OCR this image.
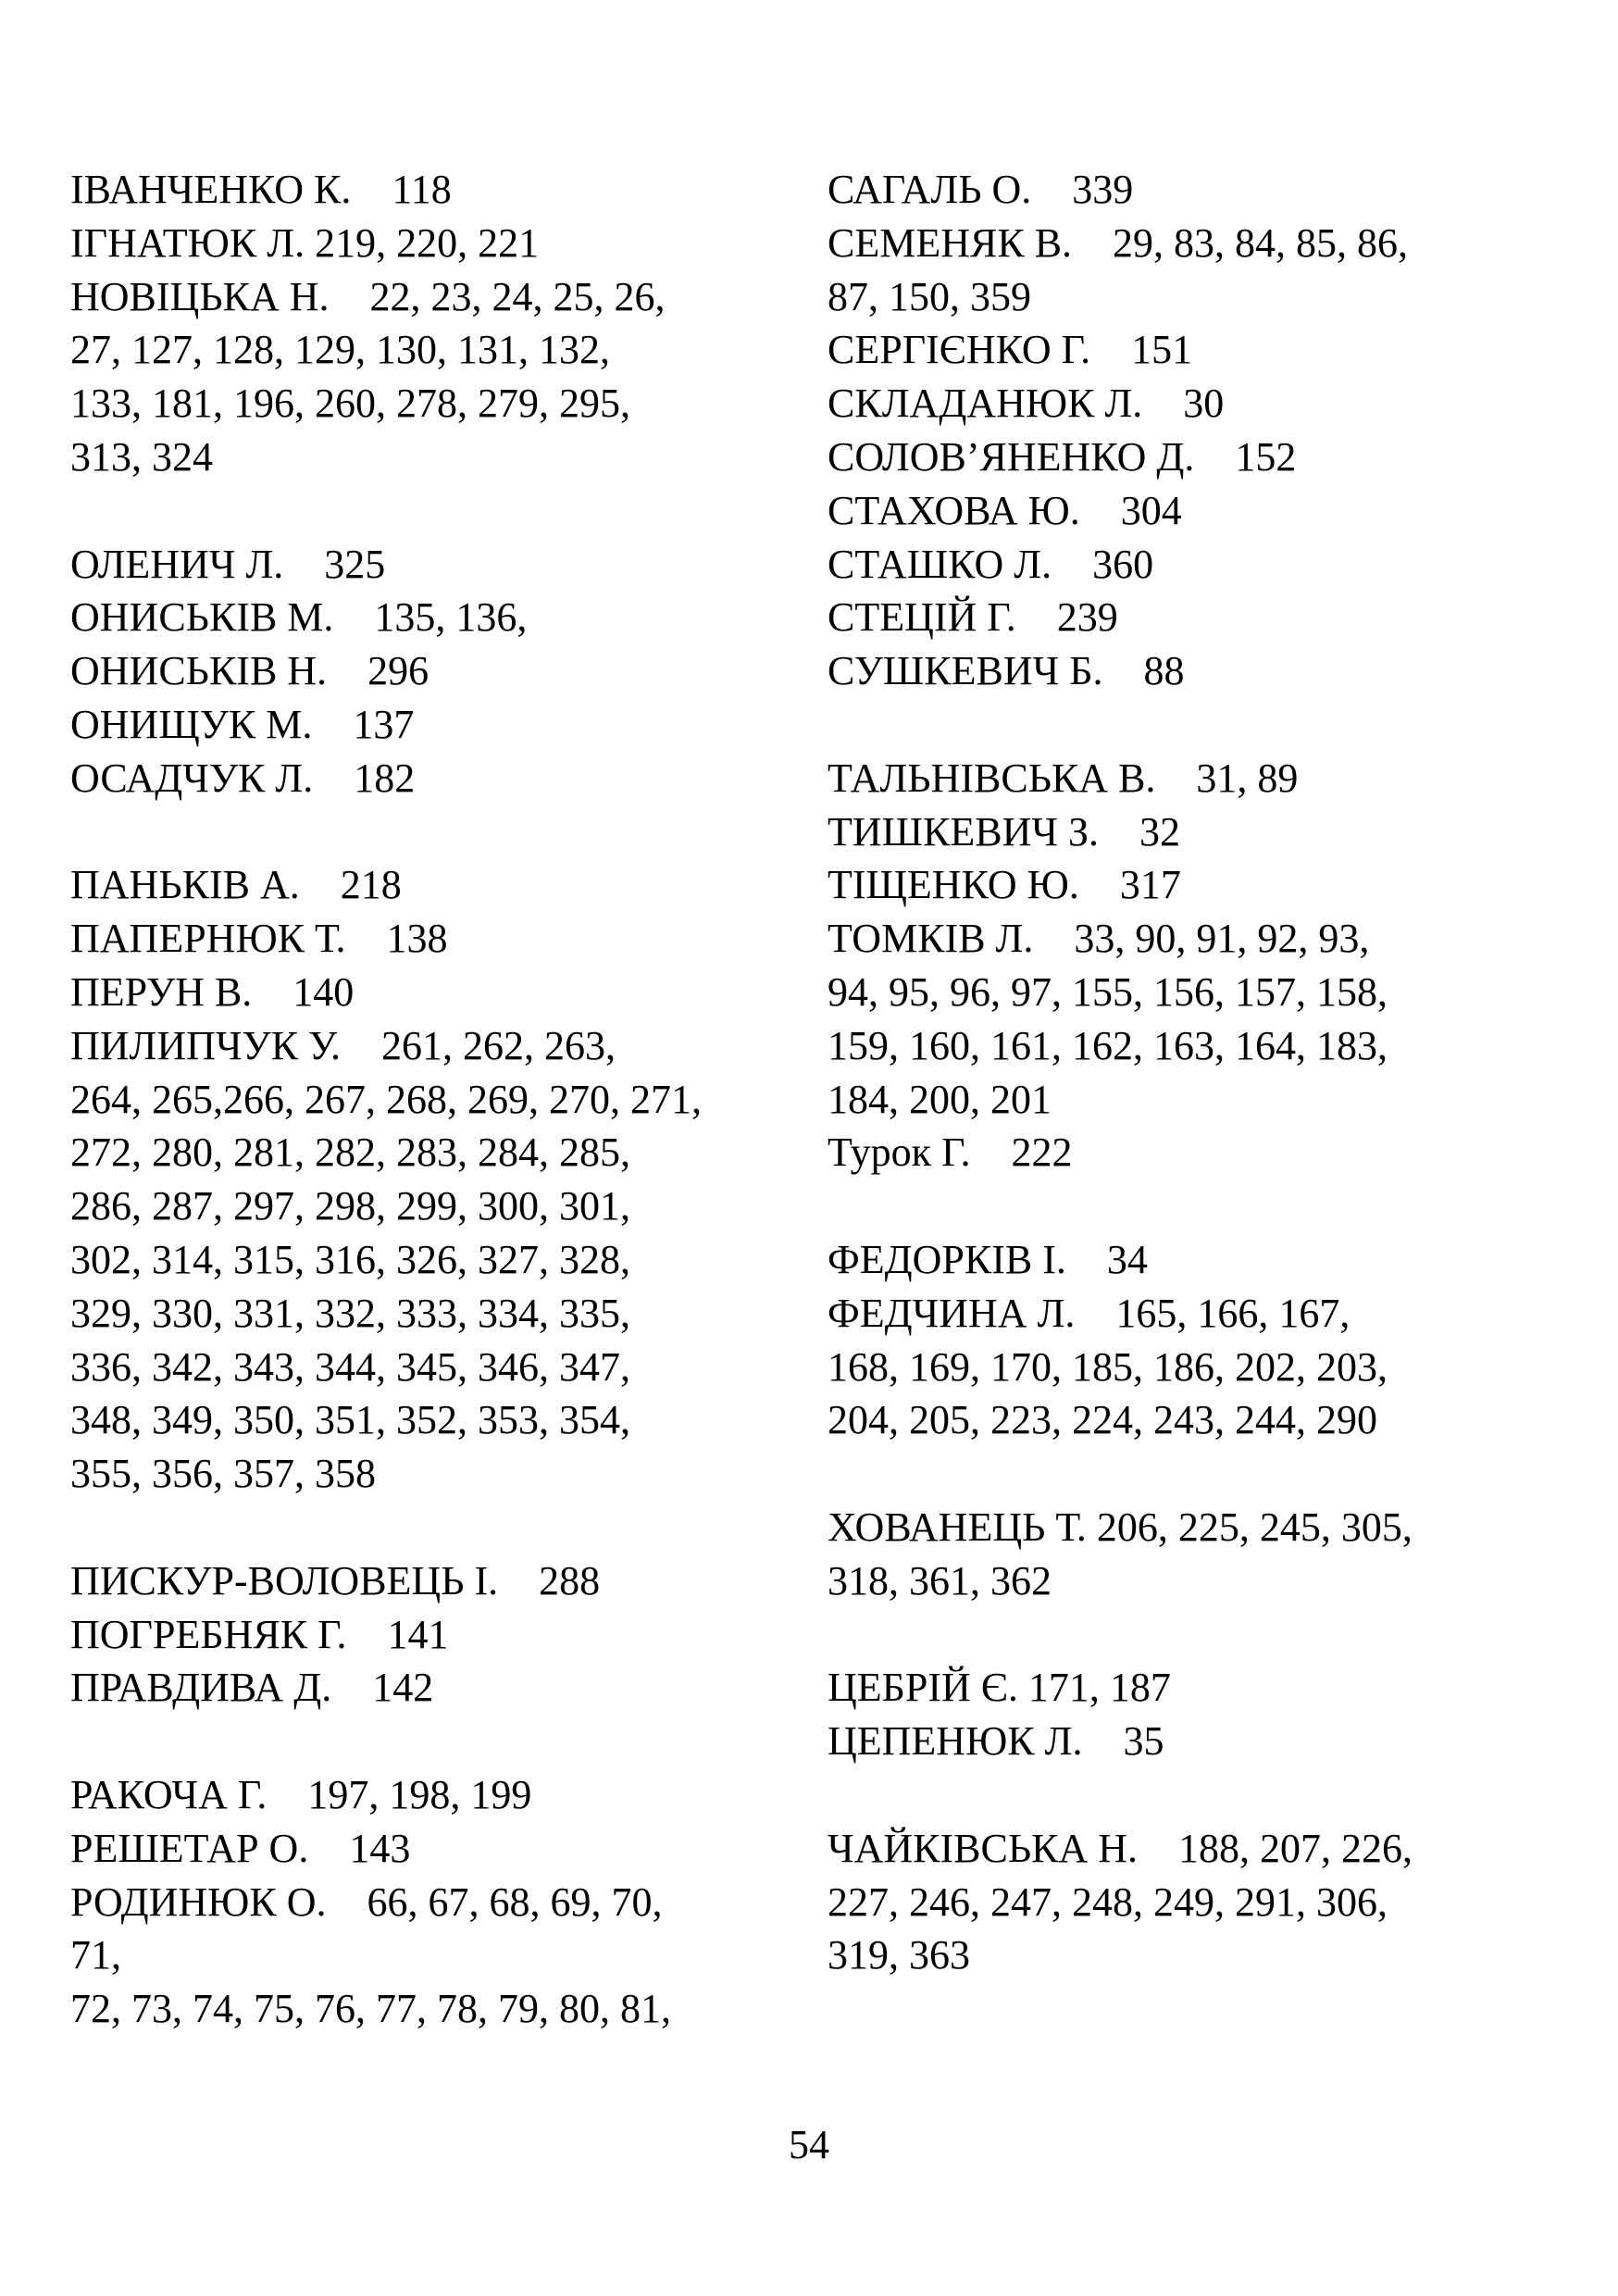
ІВАНЧЕНКО К.    118
ІГНАТЮК Л. 219, 220, 221
НОВІЦЬКА Н.    22, 23, 24, 25, 26,
27, 127, 128, 129, 130, 131, 132,
133, 181, 196, 260, 278, 279, 295,
313, 324
ОЛЕНИЧ Л.    325
ОНИСЬКІВ М.    135, 136,
ОНИСЬКІВ Н.    296
ОНИЩУК М.    137
ОСАДЧУК Л.    182
ПАНЬКІВ А.    218
ПАПЕРНЮК Т.    138
ПЕРУН В.    140
ПИЛИПЧУК У.    261, 262, 263,
264, 265,266, 267, 268, 269, 270, 271,
272, 280, 281, 282, 283, 284, 285,
286, 287, 297, 298, 299, 300, 301,
302, 314, 315, 316, 326, 327, 328,
329, 330, 331, 332, 333, 334, 335,
336, 342, 343, 344, 345, 346, 347,
348, 349, 350, 351, 352, 353, 354,
355, 356, 357, 358
ПИСКУР-ВОЛОВЕЦЬ І.    288
ПОГРЕБНЯК Г.    141
ПРАВДИВА Д.    142
РАКОЧА Г.    197, 198, 199
РЕШЕТАР О.    143
РОДИНЮК О.    66, 67, 68, 69, 70,
71,
72, 73, 74, 75, 76, 77, 78, 79, 80, 81,
САГАЛЬ О.    339
СЕМЕНЯК В.    29, 83, 84, 85, 86,
87, 150, 359
СЕРГІЄНКО Г.    151
СКЛАДАНЮК Л.    30
СОЛОВ’ЯНЕНКО Д.    152
СТАХОВА Ю.    304
СТАШКО Л.    360
СТЕЦІЙ Г.    239
СУШКЕВИЧ Б.    88
ТАЛЬНІВСЬКА В.    31, 89
ТИШКЕВИЧ З.    32
ТІЩЕНКО Ю.    317
ТОМКІВ Л.    33, 90, 91, 92, 93,
94, 95, 96, 97, 155, 156, 157, 158,
159, 160, 161, 162, 163, 164, 183,
184, 200, 201
Турок Г.    222
ФЕДОРКІВ І.    34
ФЕДЧИНА Л.    165, 166, 167,
168, 169, 170, 185, 186, 202, 203,
204, 205, 223, 224, 243, 244, 290
ХОВАНЕЦЬ Т. 206, 225, 245, 305,
318, 361, 362
ЦЕБРІЙ Є. 171, 187
ЦЕПЕНЮК Л.    35
ЧАЙКІВСЬКА Н.    188, 207, 226,
227, 246, 247, 248, 249, 291, 306,
319, 363
54
